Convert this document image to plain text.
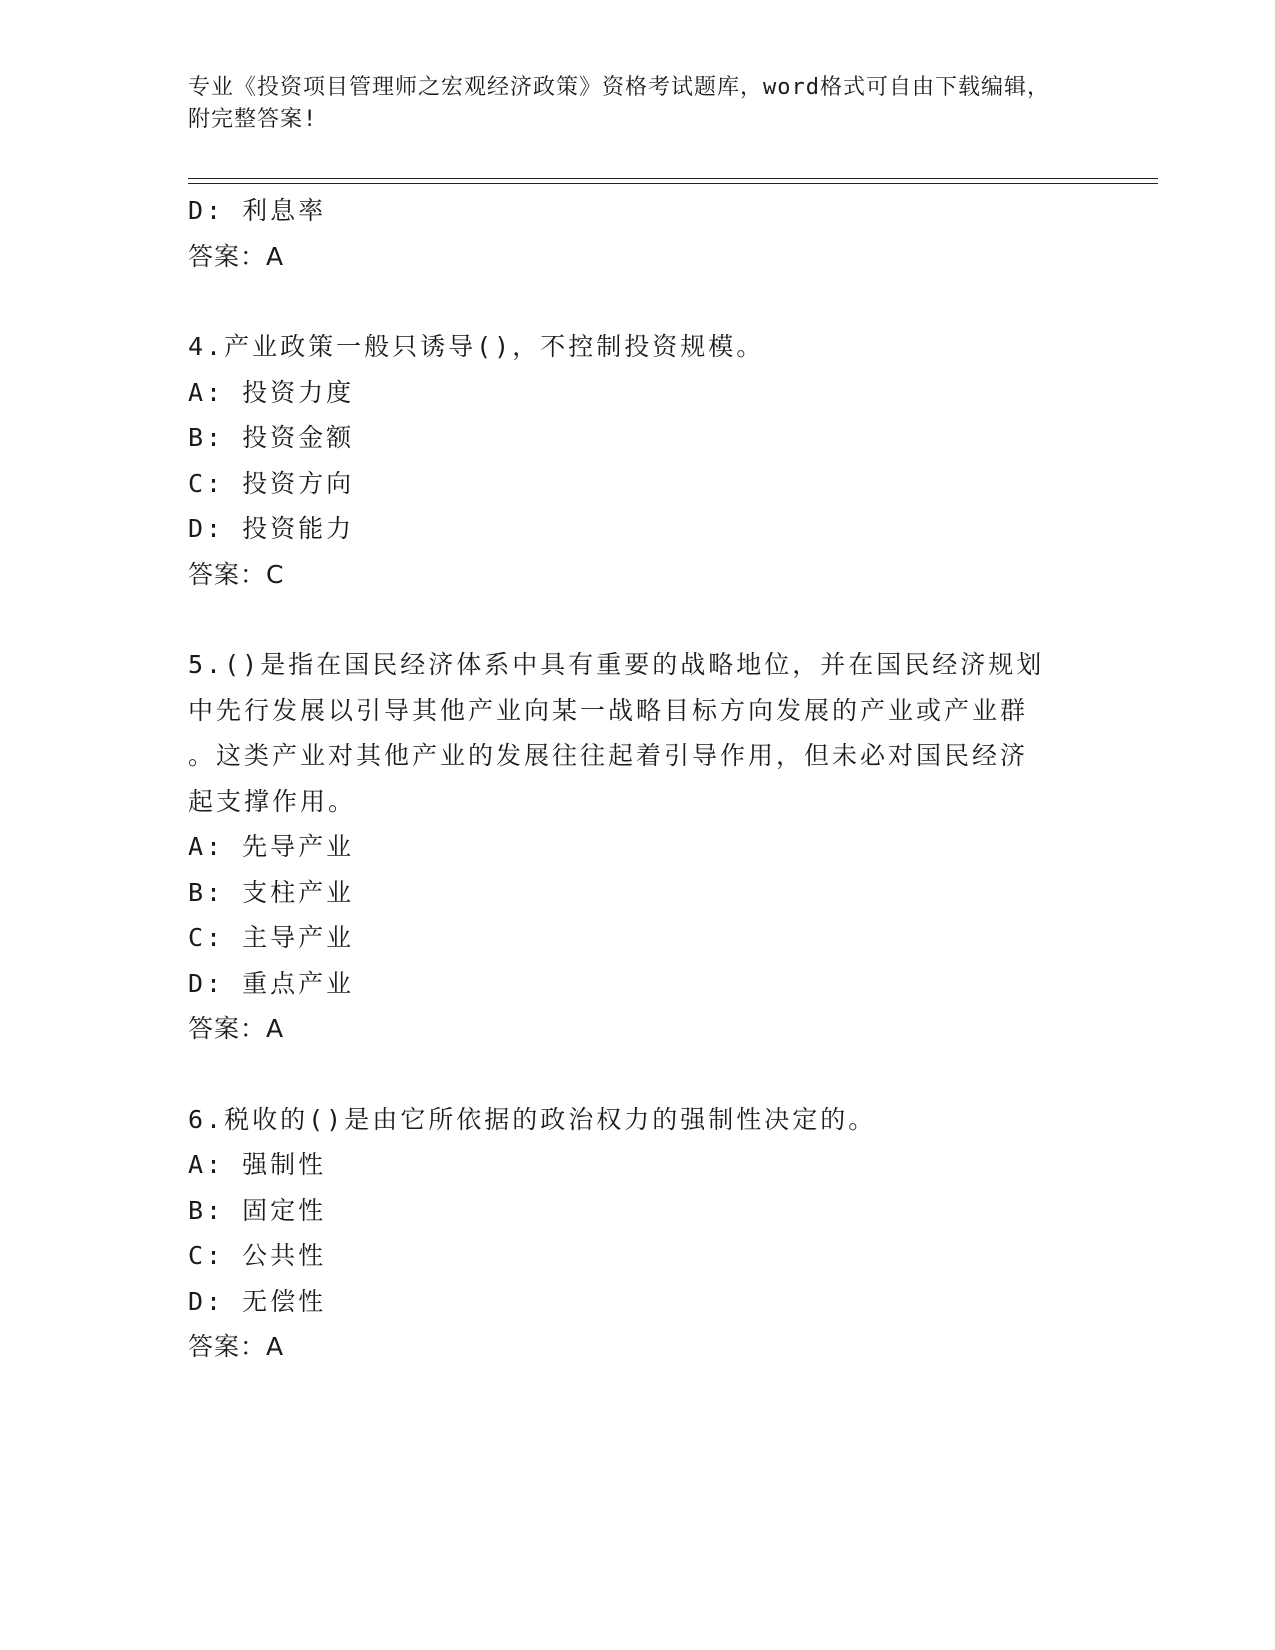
专业《投资项目管理师之宏观经济政策》资格考试题库，word格式可自由下载编辑，附完整答案!
D: 利息率
答案：A
4.产业政策一般只诱导()，不控制投资规模。
A: 投资力度
B: 投资金额
C: 投资方向
D: 投资能力
答案：C
5.()是指在国民经济体系中具有重要的战略地位，并在国民经济规划
中先行发展以引导其他产业向某一战略目标方向发展的产业或产业群
。这类产业对其他产业的发展往往起着引导作用，但未必对国民经济
起支撑作用。
A: 先导产业
B: 支柱产业
C: 主导产业
D: 重点产业
答案：A
6.税收的()是由它所依据的政治权力的强制性决定的。
A: 强制性
B: 固定性
C: 公共性
D: 无偿性
答案：A
